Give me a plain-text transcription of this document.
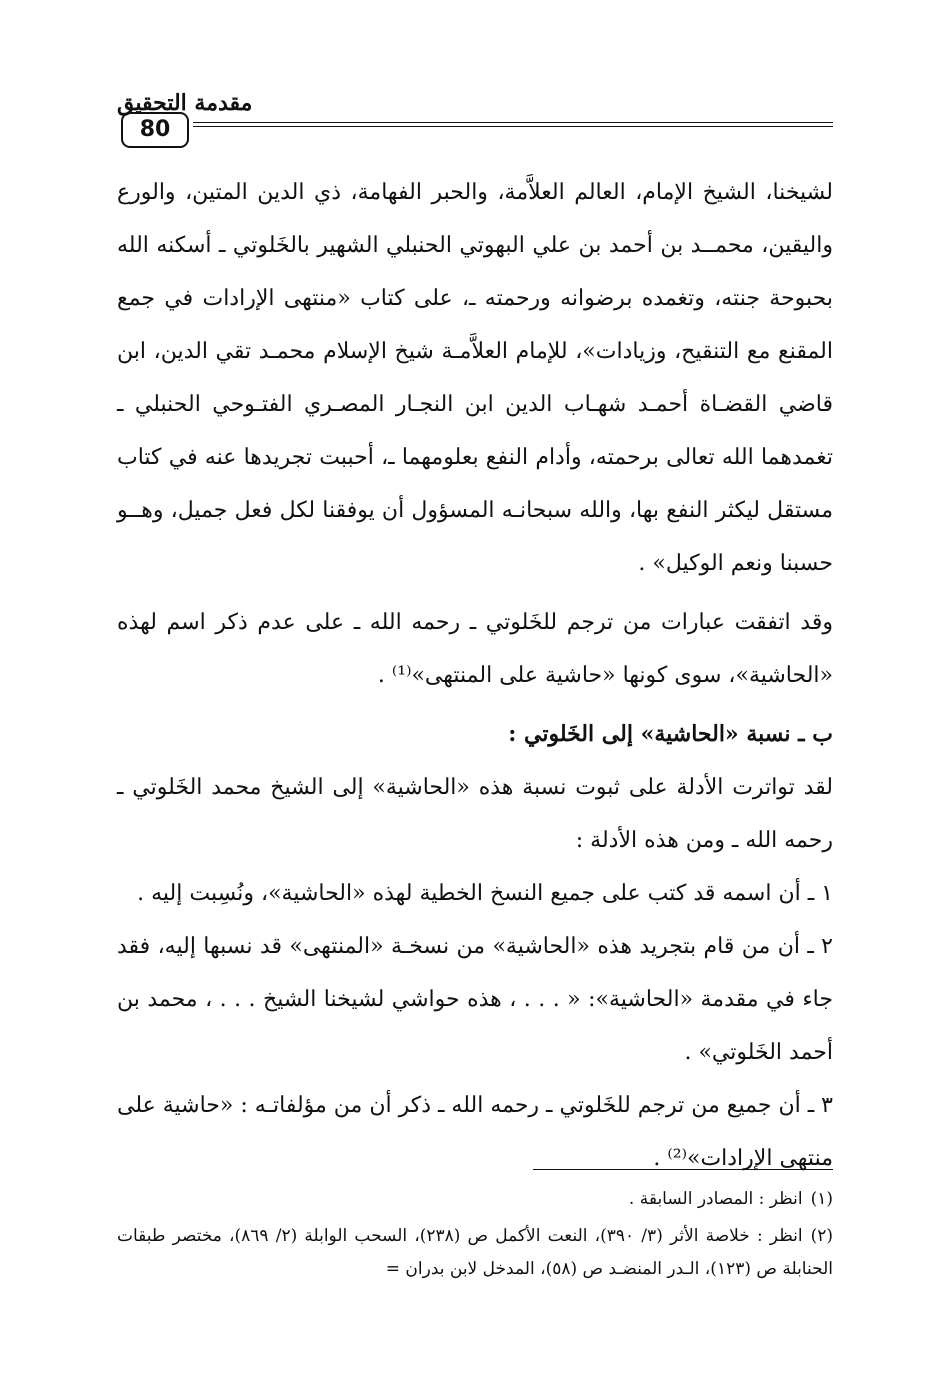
80
مقدمة التحقيق

لشيخنا، الشيخ الإمام، العالم العلاَّمة، والحبر الفهامة، ذي الدين المتين، والورع واليقين، محمــد بن أحمد بن علي البهوتي الحنبلي الشهير بالخَلوتي ـ أسكنه الله بحبوحة جنته، وتغمده برضوانه ورحمته ـ، على كتاب «منتهى الإرادات في جمع المقنع مع التنقيح، وزيادات»، للإمام العلاَّمـة شيخ الإسلام محمـد تقي الدين، ابن قاضي القضـاة أحمـد شهـاب الدين ابن النجـار المصـري الفتـوحي الحنبلي ـ تغمدهما الله تعالى برحمته، وأدام النفع بعلومهما ـ، أحببت تجريدها عنه في كتاب مستقل ليكثر النفع بها، والله سبحانـه المسؤول أن يوفقنا لكل فعل جميل، وهــو حسبنا ونعم الوكيل» .

وقد اتفقت عبارات من ترجم للخَلوتي ـ رحمه الله ـ على عدم ذكر اسم لهذه «الحاشية»، سوى كونها «حاشية على المنتهى»⁽¹⁾ .

ب ـ نسبة «الحاشية» إلى الخَلوتي :

لقد تواترت الأدلة على ثبوت نسبة هذه «الحاشية» إلى الشيخ محمد الخَلوتي ـ رحمه الله ـ ومن هذه الأدلة :

١ ـ أن اسمه قد كتب على جميع النسخ الخطية لهذه «الحاشية»، ونُسِبت إليه .

٢ ـ أن من قام بتجريد هذه «الحاشية» من نسخـة «المنتهى» قد نسبها إليه، فقد جاء في مقدمة «الحاشية»: « . . . ، هذه حواشي لشيخنا الشيخ . . . ، محمد بن أحمد الخَلوتي» .

٣ ـ أن جميع من ترجم للخَلوتي ـ رحمه الله ـ ذكر أن من مؤلفاتـه : «حاشية على منتهى الإرادات»⁽²⁾ .

(١)انظر : المصادر السابقة .

(٢)انظر : خلاصة الأثر (٣/ ٣٩٠)، النعت الأكمل ص (٢٣٨)، السحب الوابلة (٢/ ٨٦٩)، مختصر طبقات الحنابلة ص (١٢٣)، الـدر المنضـد ص (٥٨)، المدخل لابن بدران =
